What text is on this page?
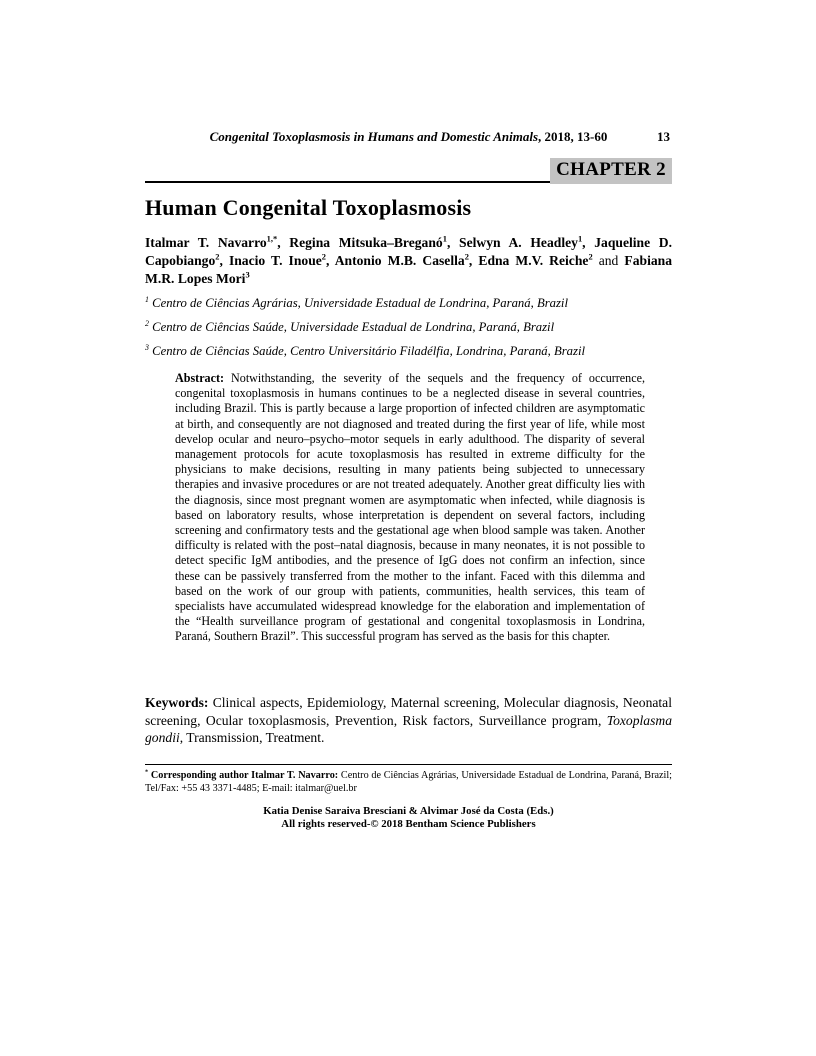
Congenital Toxoplasmosis in Humans and Domestic Animals, 2018, 13-60	13
CHAPTER 2
Human Congenital Toxoplasmosis

Italmar T. Navarro$^{1,*}$, Regina Mitsuka–Breganó$^1$, Selwyn A. Headley$^1$, Jaqueline D. Capobiango$^2$, Inacio T. Inoue$^2$, Antonio M.B. Casella$^2$, Edna M.V. Reiche$^2$ and Fabiana M.R. Lopes Mori$^3$

$^1$ Centro de Ciências Agrárias, Universidade Estadual de Londrina, Paraná, Brazil
$^2$ Centro de Ciências Saúde, Universidade Estadual de Londrina, Paraná, Brazil
$^3$ Centro de Ciências Saúde, Centro Universitário Filadélfia, Londrina, Paraná, Brazil

Abstract: Notwithstanding, the severity of the sequels and the frequency of occurrence, congenital toxoplasmosis in humans continues to be a neglected disease in several countries, including Brazil. This is partly because a large proportion of infected children are asymptomatic at birth, and consequently are not diagnosed and treated during the first year of life, while most develop ocular and neuro–psycho–motor sequels in early adulthood. The disparity of several management protocols for acute toxoplasmosis has resulted in extreme difficulty for the physicians to make decisions, resulting in many patients being subjected to unnecessary therapies and invasive procedures or are not treated adequately. Another great difficulty lies with the diagnosis, since most pregnant women are asymptomatic when infected, while diagnosis is based on laboratory results, whose interpretation is dependent on several factors, including screening and confirmatory tests and the gestational age when blood sample was taken. Another difficulty is related with the post–natal diagnosis, because in many neonates, it is not possible to detect specific IgM antibodies, and the presence of IgG does not confirm an infection, since these can be passively transferred from the mother to the infant. Faced with this dilemma and based on the work of our group with patients, communities, health services, this team of specialists have accumulated widespread knowledge for the elaboration and implementation of the “Health surveillance program of gestational and congenital toxoplasmosis in Londrina, Paraná, Southern Brazil”. This successful program has served as the basis for this chapter.

Keywords: Clinical aspects, Epidemiology, Maternal screening, Molecular diagnosis, Neonatal screening, Ocular toxoplasmosis, Prevention, Risk factors, Surveillance program, Toxoplasma gondii, Transmission, Treatment.

* Corresponding author Italmar T. Navarro: Centro de Ciências Agrárias, Universidade Estadual de Londrina, Paraná, Brazil; Tel/Fax: +55 43 3371-4485; E-mail: italmar@uel.br

Katia Denise Saraiva Bresciani & Alvimar José da Costa (Eds.)
All rights reserved-© 2018 Bentham Science Publishers
